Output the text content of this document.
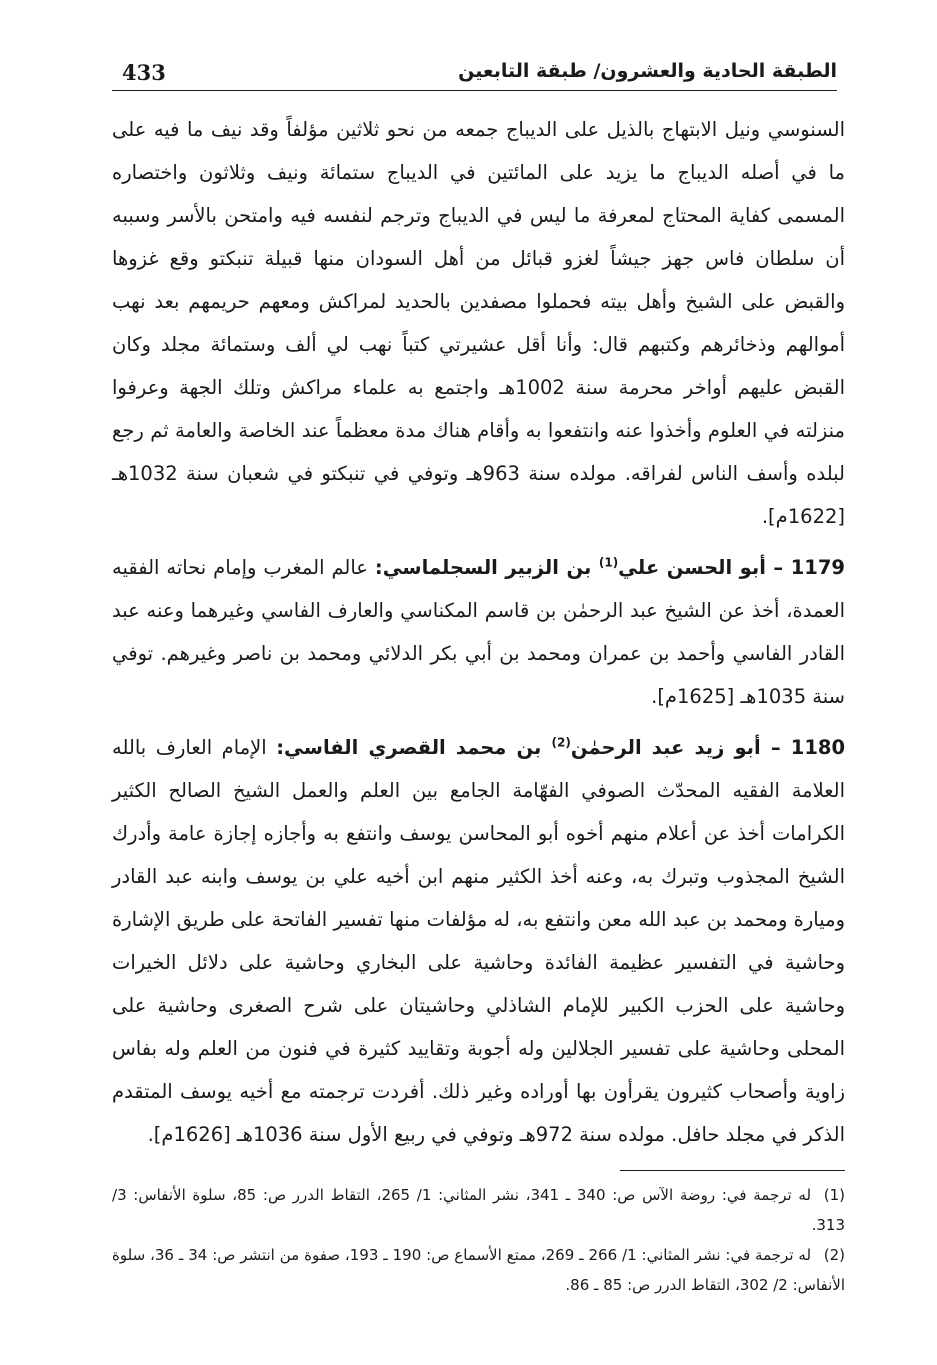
433	الطبقة الحادية والعشرون/ طبقة التابعين

السنوسي ونيل الابتهاج بالذيل على الديباج جمعه من نحو ثلاثين مؤلفاً وقد نيف ما فيه على ما في أصله الديباج ما يزيد على المائتين في الديباج ستمائة ونيف وثلاثون واختصاره المسمى كفاية المحتاج لمعرفة ما ليس في الديباج وترجم لنفسه فيه وامتحن بالأسر وسببه أن سلطان فاس جهز جيشاً لغزو قبائل من أهل السودان منها قبيلة تنبكتو وقع غزوها والقبض على الشيخ وأهل بيته فحملوا مصفدين بالحديد لمراكش ومعهم حريمهم بعد نهب أموالهم وذخائرهم وكتبهم قال: وأنا أقل عشيرتي كتباً نهب لي ألف وستمائة مجلد وكان القبض عليهم أواخر محرمة سنة 1002هـ واجتمع به علماء مراكش وتلك الجهة وعرفوا منزلته في العلوم وأخذوا عنه وانتفعوا به وأقام هناك مدة معظماً عند الخاصة والعامة ثم رجع لبلده وأسف الناس لفراقه. مولده سنة 963هـ وتوفي في تنبكتو في شعبان سنة 1032هـ [1622م].

1179 – أبو الحسن علي$^{(1)}$ بن الزبير السجلماسي: عالم المغرب وإمام نحاته الفقيه العمدة، أخذ عن الشيخ عبد الرحمٰن بن قاسم المكناسي والعارف الفاسي وغيرهما وعنه عبد القادر الفاسي وأحمد بن عمران ومحمد بن أبي بكر الدلائي ومحمد بن ناصر وغيرهم. توفي سنة 1035هـ [1625م].

1180 – أبو زيد عبد الرحمٰن$^{(2)}$ بن محمد القصري الفاسي: الإمام العارف بالله العلامة الفقيه المحدّث الصوفي الفهّامة الجامع بين العلم والعمل الشيخ الصالح الكثير الكرامات أخذ عن أعلام منهم أخوه أبو المحاسن يوسف وانتفع به وأجازه إجازة عامة وأدرك الشيخ المجذوب وتبرك به، وعنه أخذ الكثير منهم ابن أخيه علي بن يوسف وابنه عبد القادر وميارة ومحمد بن عبد الله معن وانتفع به، له مؤلفات منها تفسير الفاتحة على طريق الإشارة وحاشية في التفسير عظيمة الفائدة وحاشية على البخاري وحاشية على دلائل الخيرات وحاشية على الحزب الكبير للإمام الشاذلي وحاشيتان على شرح الصغرى وحاشية على المحلى وحاشية على تفسير الجلالين وله أجوبة وتقاييد كثيرة في فنون من العلم وله بفاس زاوية وأصحاب كثيرون يقرأون بها أوراده وغير ذلك. أفردت ترجمته مع أخيه يوسف المتقدم الذكر في مجلد حافل. مولده سنة 972هـ وتوفي في ربيع الأول سنة 1036هـ [1626م].

(1)له ترجمة في: روضة الآس ص: 340 ـ 341، نشر المثاني: 1/ 265، التقاط الدرر ص: 85، سلوة الأنفاس: 3/ 313.

(2)له ترجمة في: نشر المثاني: 1/ 266 ـ 269، ممتع الأسماع ص: 190 ـ 193، صفوة من انتشر ص: 34 ـ 36، سلوة الأنفاس: 2/ 302، التقاط الدرر ص: 85 ـ 86.
